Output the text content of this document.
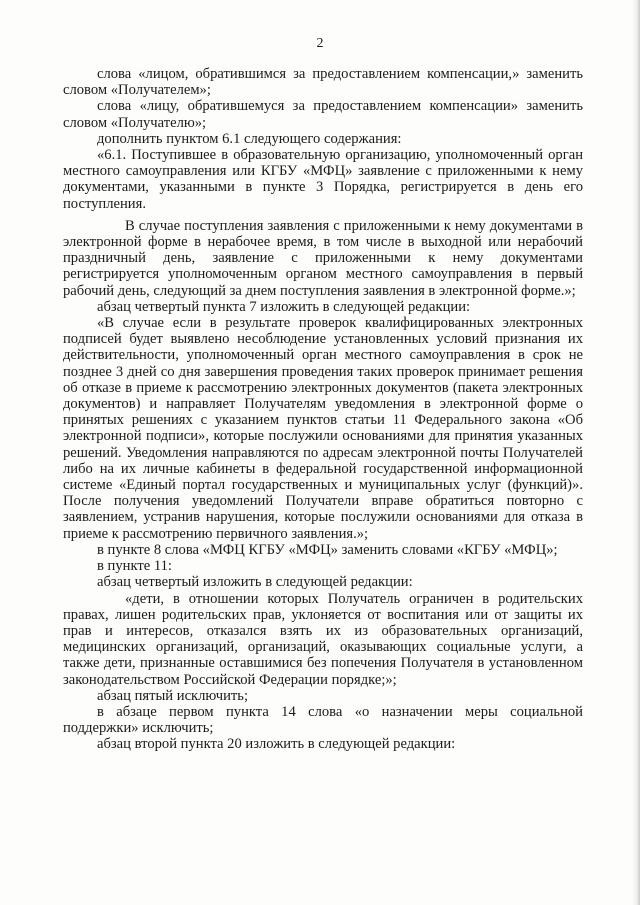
2

слова «лицом, обратившимся за предоставлением компенсации,» заменить словом «Получателем»;

слова «лицу, обратившемуся за предоставлением компенсации» заменить словом «Получателю»;

дополнить пунктом 6.1 следующего содержания:

«6.1. Поступившее в образовательную организацию, уполномоченный орган местного самоуправления или КГБУ «МФЦ» заявление с приложенными к нему документами, указанными в пункте 3 Порядка, регистрируется в день его поступления.

В случае поступления заявления с приложенными к нему документами в электронной форме в нерабочее время, в том числе в выходной или нерабочий праздничный день, заявление с приложенными к нему документами регистрируется уполномоченным органом местного самоуправления в первый рабочий день, следующий за днем поступления заявления в электронной форме.»;

абзац четвертый пункта 7 изложить в следующей редакции:

«В случае если в результате проверок квалифицированных электронных подписей будет выявлено несоблюдение установленных условий признания их действительности, уполномоченный орган местного самоуправления в срок не позднее 3 дней со дня завершения проведения таких проверок принимает решения об отказе в приеме к рассмотрению электронных документов (пакета электронных документов) и направляет Получателям уведомления в электронной форме о принятых решениях с указанием пунктов статьи 11 Федерального закона «Об электронной подписи», которые послужили основаниями для принятия указанных решений. Уведомления направляются по адресам электронной почты Получателей либо на их личные кабинеты в федеральной государственной информационной системе «Единый портал государственных и муниципальных услуг (функций)». После получения уведомлений Получатели вправе обратиться повторно с заявлением, устранив нарушения, которые послужили основаниями для отказа в приеме к рассмотрению первичного заявления.»;

в пункте 8 слова «МФЦ КГБУ «МФЦ» заменить словами «КГБУ «МФЦ»;

в пункте 11:

абзац четвертый изложить в следующей редакции:

«дети, в отношении которых Получатель ограничен в родительских правах, лишен родительских прав, уклоняется от воспитания или от защиты их прав и интересов, отказался взять их из образовательных организаций, медицинских организаций, организаций, оказывающих социальные услуги, а также дети, признанные оставшимися без попечения Получателя в установленном законодательством Российской Федерации порядке;»;

абзац пятый исключить;

в абзаце первом пункта 14 слова «о назначении меры социальной поддержки» исключить;

абзац второй пункта 20 изложить в следующей редакции:
